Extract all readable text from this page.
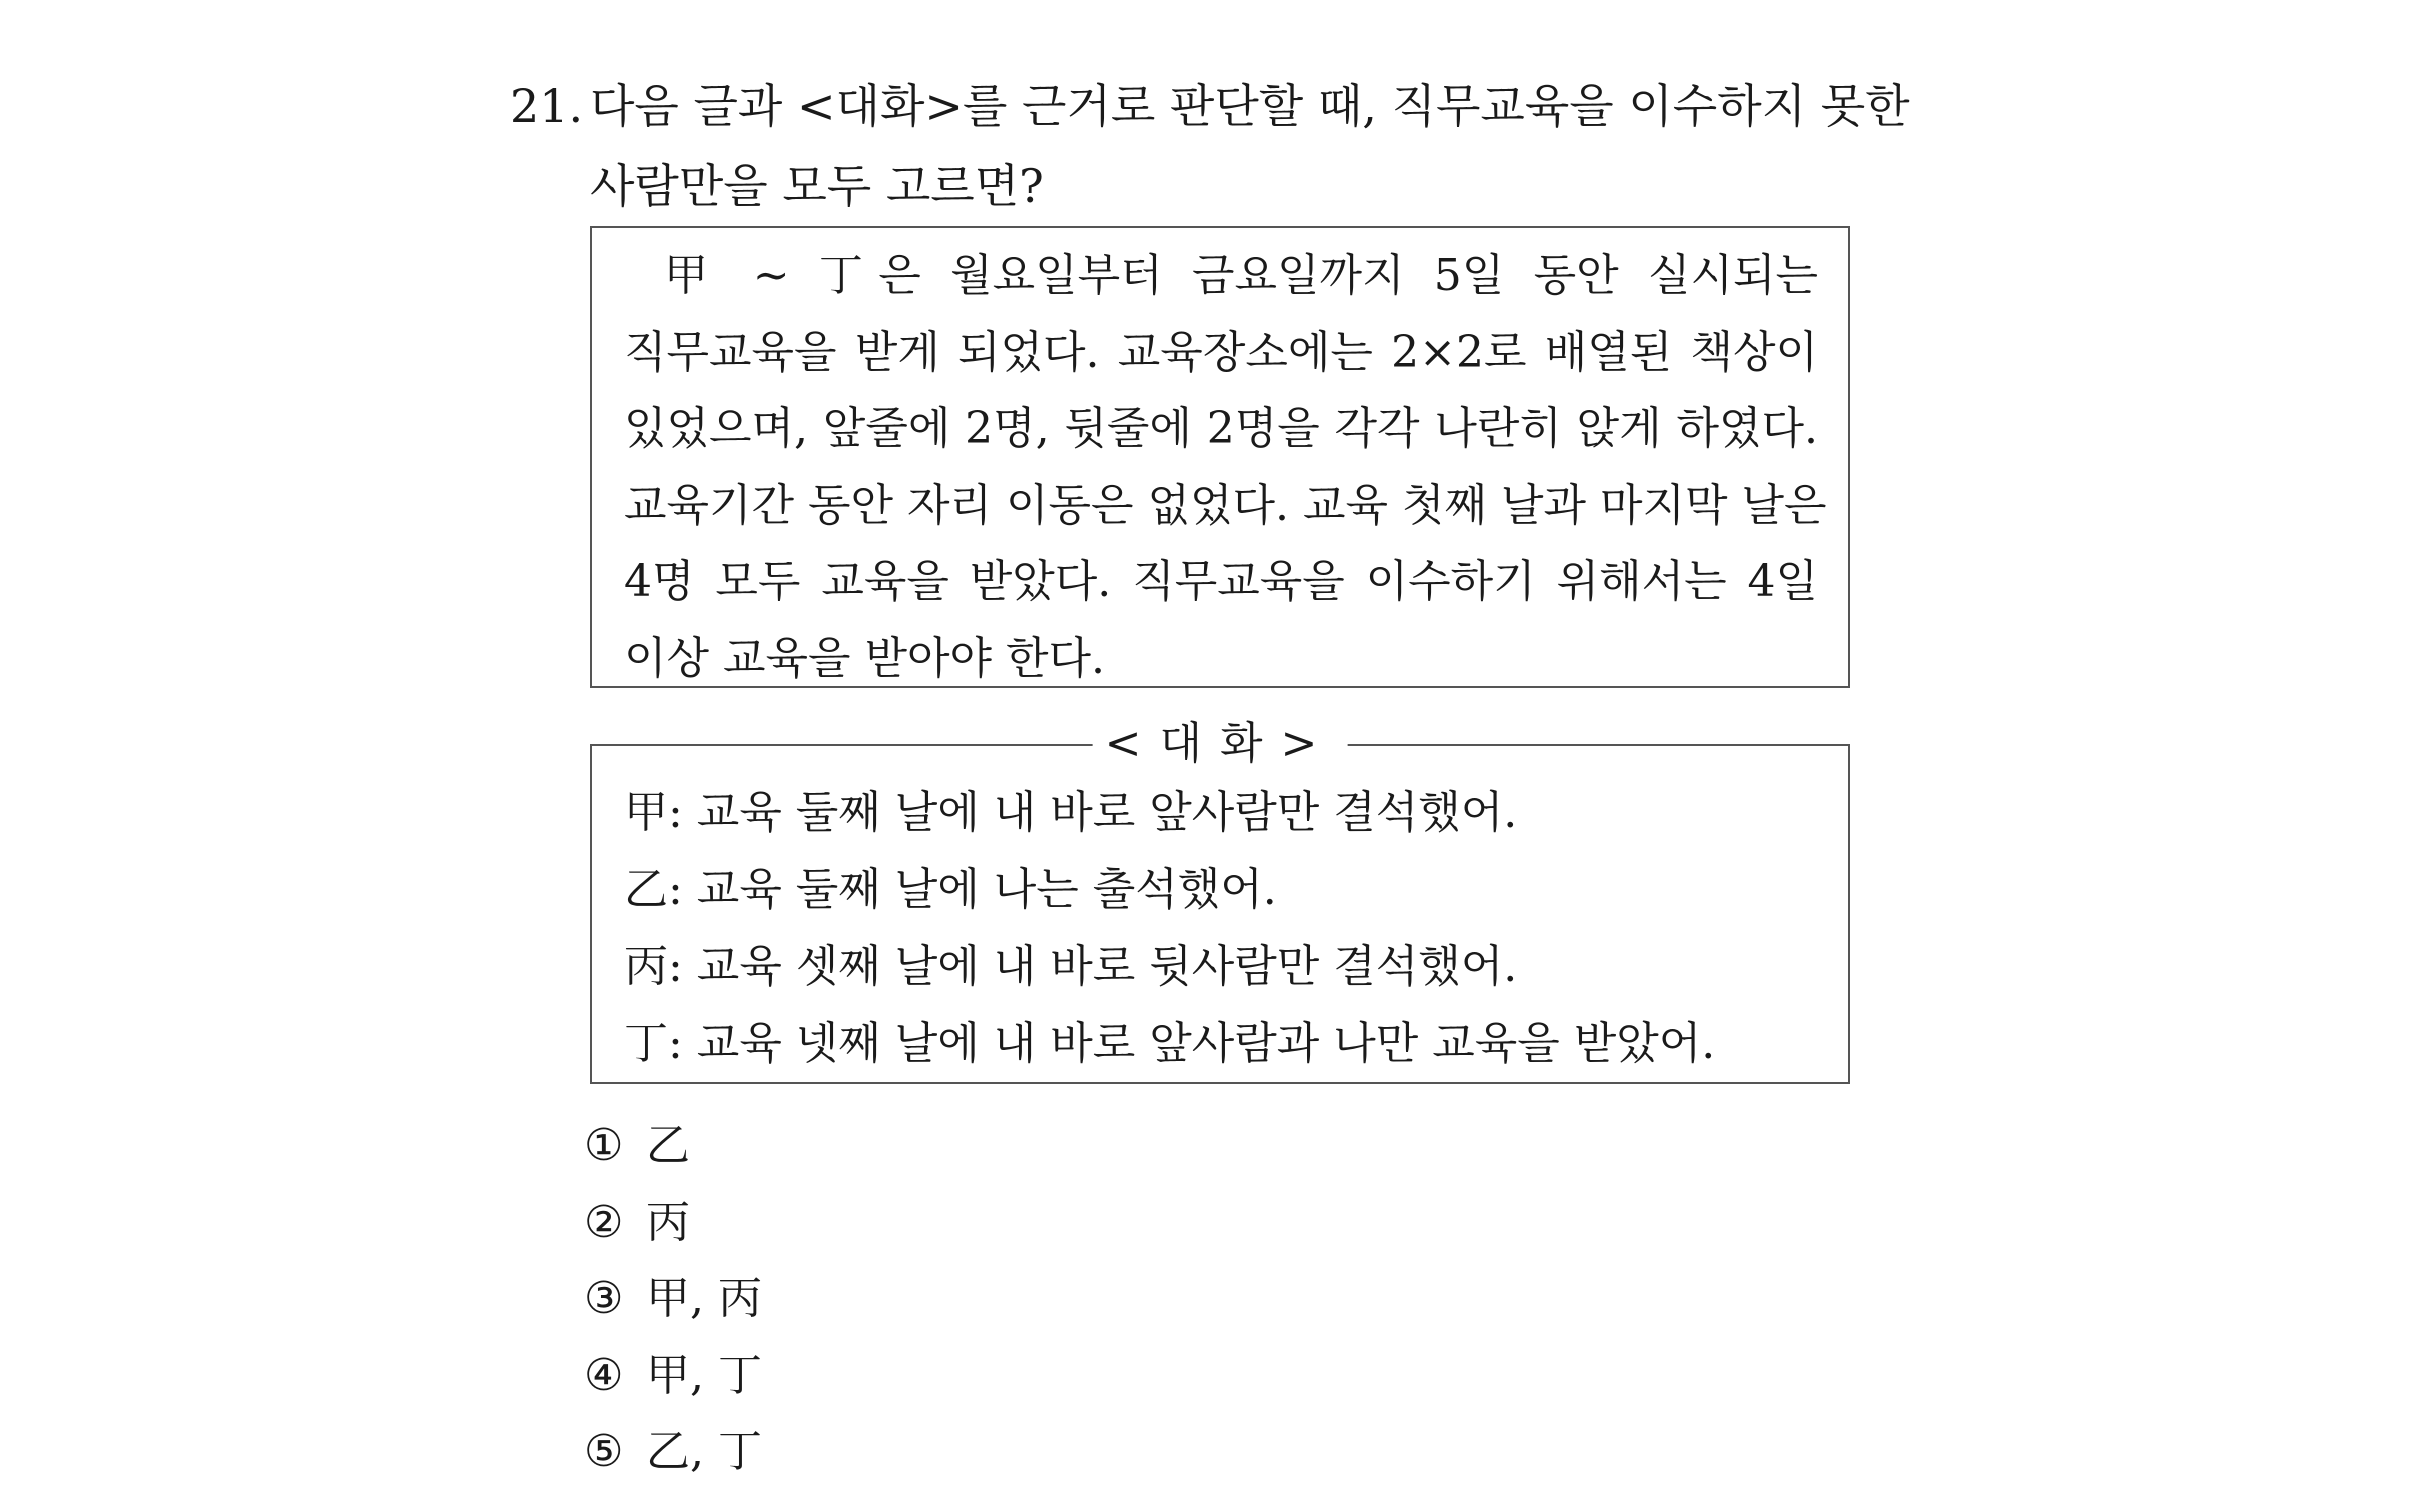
21. 다음 글과 <대화>를 근거로 판단할 때, 직무교육을 이수하지 못한
사람만을 모두 고르면?
甲 ~ 丁은 월요일부터 금요일까지 5일 동안 실시되는
직무교육을 받게 되었다. 교육장소에는 2×2로 배열된 책상이
있었으며, 앞줄에 2명, 뒷줄에 2명을 각각 나란히 앉게 하였다.
교육기간 동안 자리 이동은 없었다. 교육 첫째 날과 마지막 날은
4명 모두 교육을 받았다. 직무교육을 이수하기 위해서는 4일
이상 교육을 받아야 한다.
<대화>
甲: 교육 둘째 날에 내 바로 앞사람만 결석했어.
乙: 교육 둘째 날에 나는 출석했어.
丙: 교육 셋째 날에 내 바로 뒷사람만 결석했어.
丁: 교육 넷째 날에 내 바로 앞사람과 나만 교육을 받았어.
① 乙
② 丙
③ 甲, 丙
④ 甲, 丁
⑤ 乙, 丁
